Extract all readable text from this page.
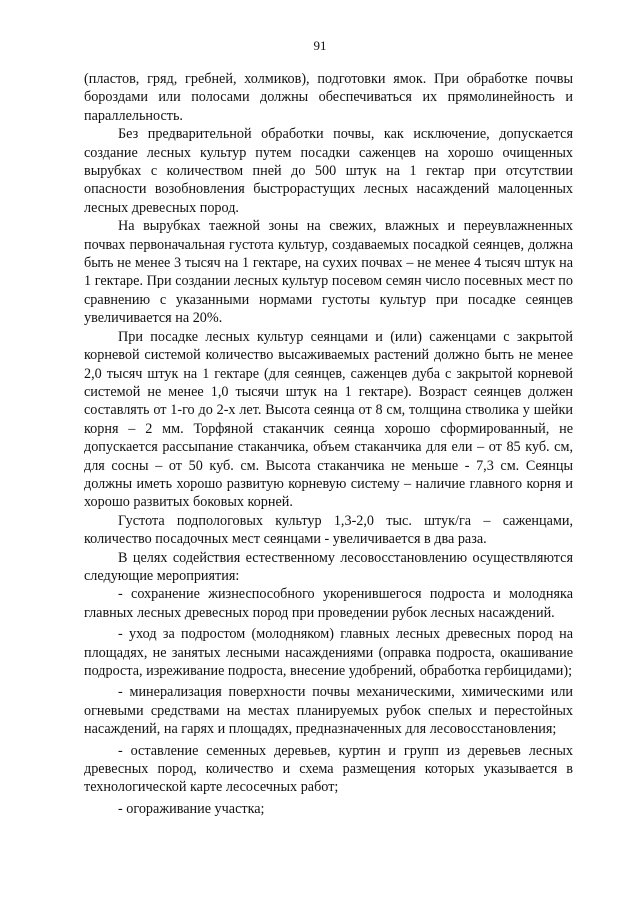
91

(пластов, гряд, гребней, холмиков), подготовки ямок. При обработке почвы бороздами или полосами должны обеспечиваться их прямолинейность и параллельность.

Без предварительной обработки почвы, как исключение, допускается создание лесных культур путем посадки саженцев на хорошо очищенных вырубках с количеством пней до 500 штук на 1 гектар при отсутствии опасности возобновления быстрорастущих лесных насаждений малоценных лесных древесных пород.

На вырубках таежной зоны на свежих, влажных и переувлажненных почвах первоначальная густота культур, создаваемых посадкой сеянцев, должна быть не менее 3 тысяч на 1 гектаре, на сухих почвах – не менее 4 тысяч штук на 1 гектаре. При создании лесных культур посевом семян число посевных мест по сравнению с указанными нормами густоты культур при посадке сеянцев увеличивается на 20%.

При посадке лесных культур сеянцами и (или) саженцами с закрытой корневой системой количество высаживаемых растений должно быть не менее 2,0 тысяч штук на 1 гектаре (для сеянцев, саженцев дуба с закрытой корневой системой не менее 1,0 тысячи штук на 1 гектаре). Возраст сеянцев должен составлять от 1-го до 2-х лет. Высота сеянца от 8 см, толщина стволика у шейки корня – 2 мм. Торфяной стаканчик сеянца хорошо сформированный, не допускается рассыпание стаканчика, объем стаканчика для ели – от 85 куб. см, для сосны – от 50 куб. см. Высота стаканчика не меньше - 7,3 см. Сеянцы должны иметь хорошо развитую корневую систему – наличие главного корня и хорошо развитых боковых корней.

Густота подпологовых культур 1,3-2,0 тыс. штук/га – саженцами, количество посадочных мест сеянцами - увеличивается в два раза.

В целях содействия естественному лесовосстановлению осуществляются следующие мероприятия:

- сохранение жизнеспособного укоренившегося подроста и молодняка главных лесных древесных пород при проведении рубок лесных насаждений.

- уход за подростом (молодняком) главных лесных древесных пород на площадях, не занятых лесными насаждениями (оправка подроста, окашивание подроста, изреживание подроста, внесение удобрений, обработка гербицидами);

- минерализация поверхности почвы механическими, химическими или огневыми средствами на местах планируемых рубок спелых и перестойных насаждений, на гарях и площадях, предназначенных для лесовосстановления;

- оставление семенных деревьев, куртин и групп из деревьев лесных древесных пород, количество и схема размещения которых указывается в технологической карте лесосечных работ;

- огораживание участка;
